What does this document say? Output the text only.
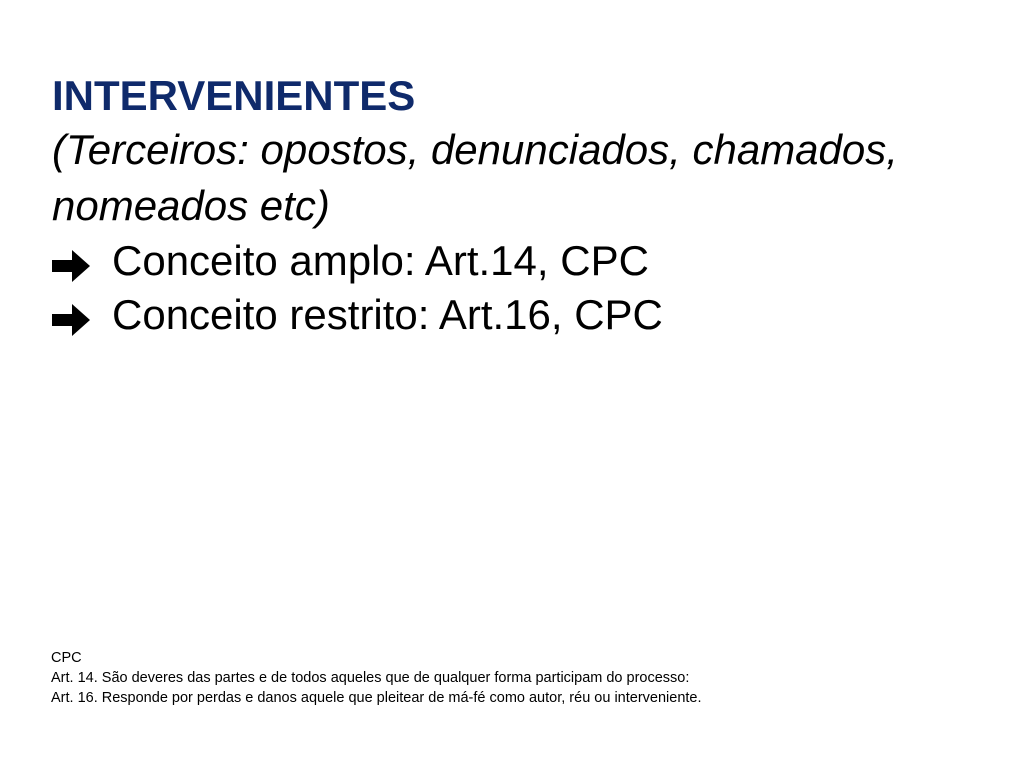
INTERVENIENTES
(Terceiros: opostos, denunciados, chamados,
nomeados etc)
Conceito amplo: Art.14, CPC
Conceito restrito: Art.16, CPC
CPC
Art. 14. São deveres das partes e de todos aqueles que de qualquer forma participam do processo:
Art. 16. Responde por perdas e danos aquele que pleitear de má-fé como autor, réu ou interveniente.
